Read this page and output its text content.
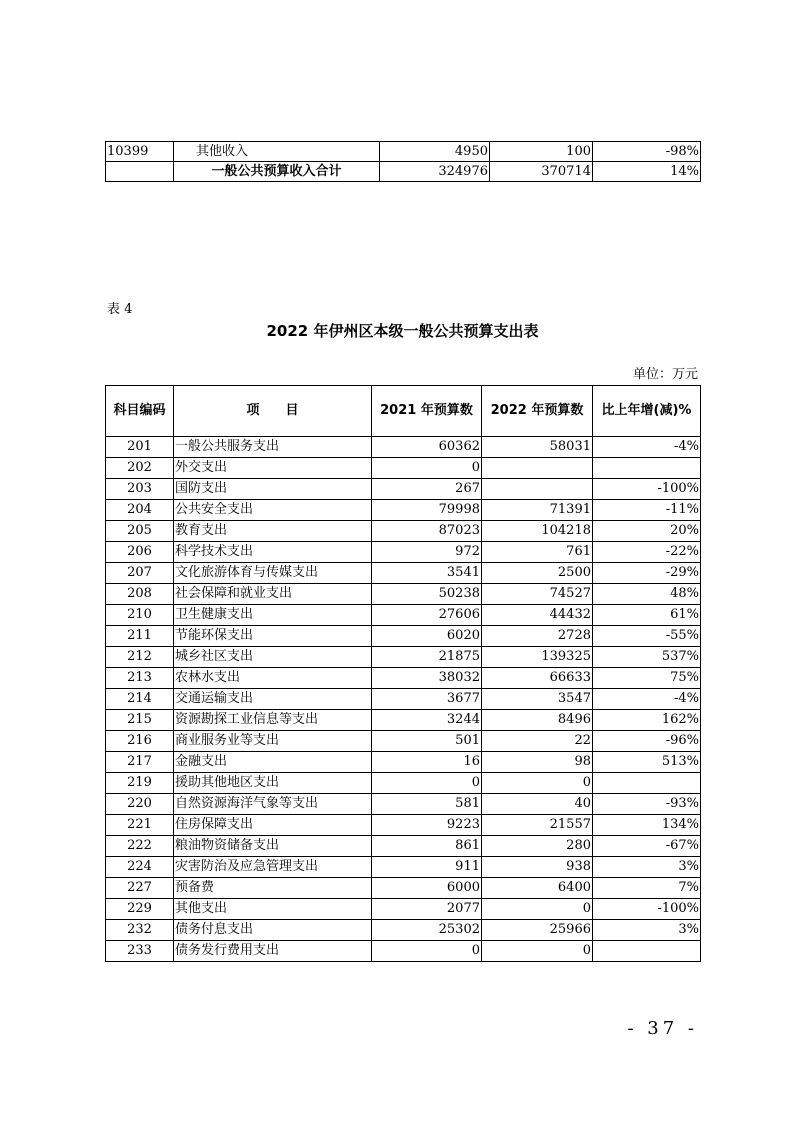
10399	其他收入	4950	100	-98%
	一般公共预算收入合计	324976	370714	14%
表 4
2022 年伊州区本级一般公共预算支出表
单位：万元
科目编码	项　　目	2021 年预算数	2022 年预算数	比上年增(减)%
201	一般公共服务支出	60362	58031	-4%
202	外交支出	0		
203	国防支出	267		-100%
204	公共安全支出	79998	71391	-11%
205	教育支出	87023	104218	20%
206	科学技术支出	972	761	-22%
207	文化旅游体育与传媒支出	3541	2500	-29%
208	社会保障和就业支出	50238	74527	48%
210	卫生健康支出	27606	44432	61%
211	节能环保支出	6020	2728	-55%
212	城乡社区支出	21875	139325	537%
213	农林水支出	38032	66633	75%
214	交通运输支出	3677	3547	-4%
215	资源勘探工业信息等支出	3244	8496	162%
216	商业服务业等支出	501	22	-96%
217	金融支出	16	98	513%
219	援助其他地区支出	0	0	
220	自然资源海洋气象等支出	581	40	-93%
221	住房保障支出	9223	21557	134%
222	粮油物资储备支出	861	280	-67%
224	灾害防治及应急管理支出	911	938	3%
227	预备费	6000	6400	7%
229	其他支出	2077	0	-100%
232	债务付息支出	25302	25966	3%
233	债务发行费用支出	0	0	
- 37 -
